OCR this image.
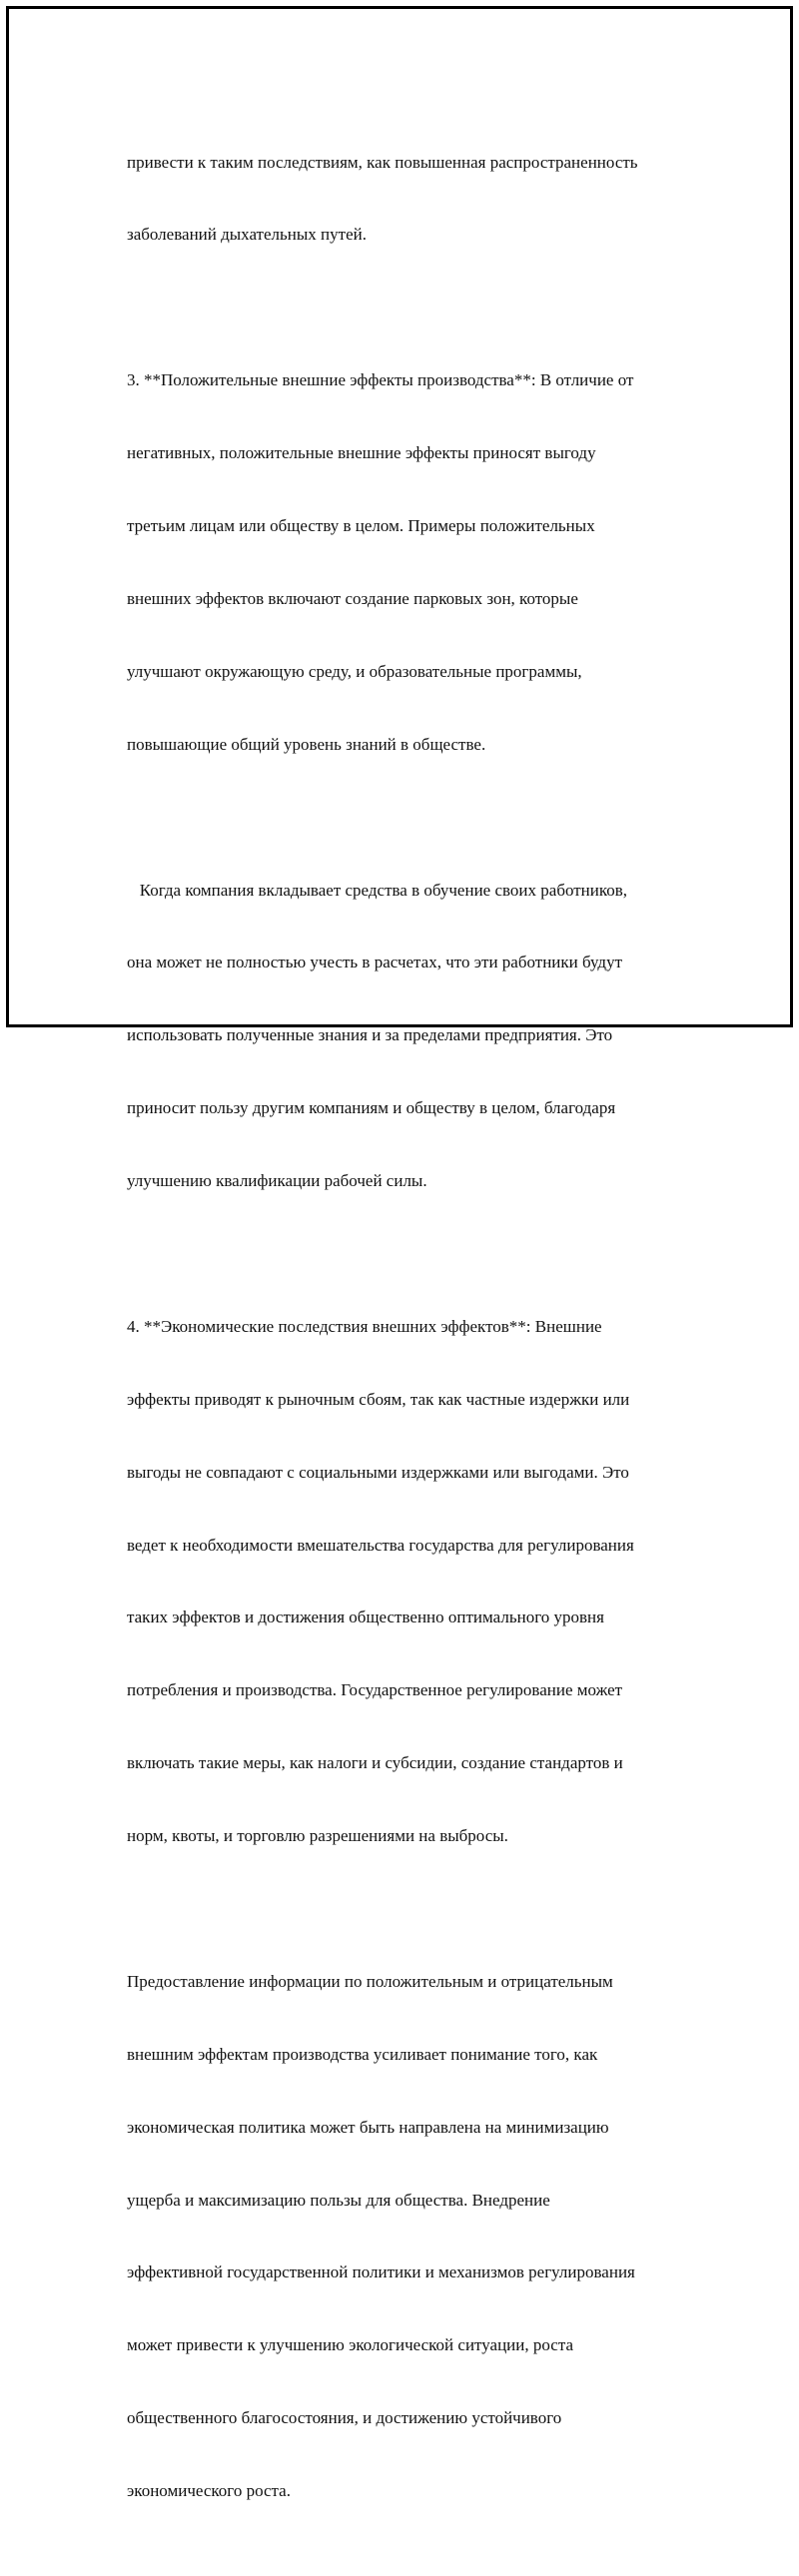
привести к таким последствиям, как повышенная распространенность

заболеваний дыхательных путей.

3. **Положительные внешние эффекты производства**: В отличие от

негативных, положительные внешние эффекты приносят выгоду

третьим лицам или обществу в целом. Примеры положительных

внешних эффектов включают создание парковых зон, которые

улучшают окружающую среду, и образовательные программы,

повышающие общий уровень знаний в обществе.

Когда компания вкладывает средства в обучение своих работников,

она может не полностью учесть в расчетах, что эти работники будут

использовать полученные знания и за пределами предприятия. Это

приносит пользу другим компаниям и обществу в целом, благодаря

улучшению квалификации рабочей силы.

4. **Экономические последствия внешних эффектов**: Внешние

эффекты приводят к рыночным сбоям, так как частные издержки или

выгоды не совпадают с социальными издержками или выгодами. Это

ведет к необходимости вмешательства государства для регулирования

таких эффектов и достижения общественно оптимального уровня

потребления и производства. Государственное регулирование может

включать такие меры, как налоги и субсидии, создание стандартов и

норм, квоты, и торговлю разрешениями на выбросы.

Предоставление информации по положительным и отрицательным

внешним эффектам производства усиливает понимание того, как

экономическая политика может быть направлена на минимизацию

ущерба и максимизацию пользы для общества. Внедрение

эффективной государственной политики и механизмов регулирования

может привести к улучшению экологической ситуации, роста

общественного благосостояния, и достижению устойчивого

экономического роста.
